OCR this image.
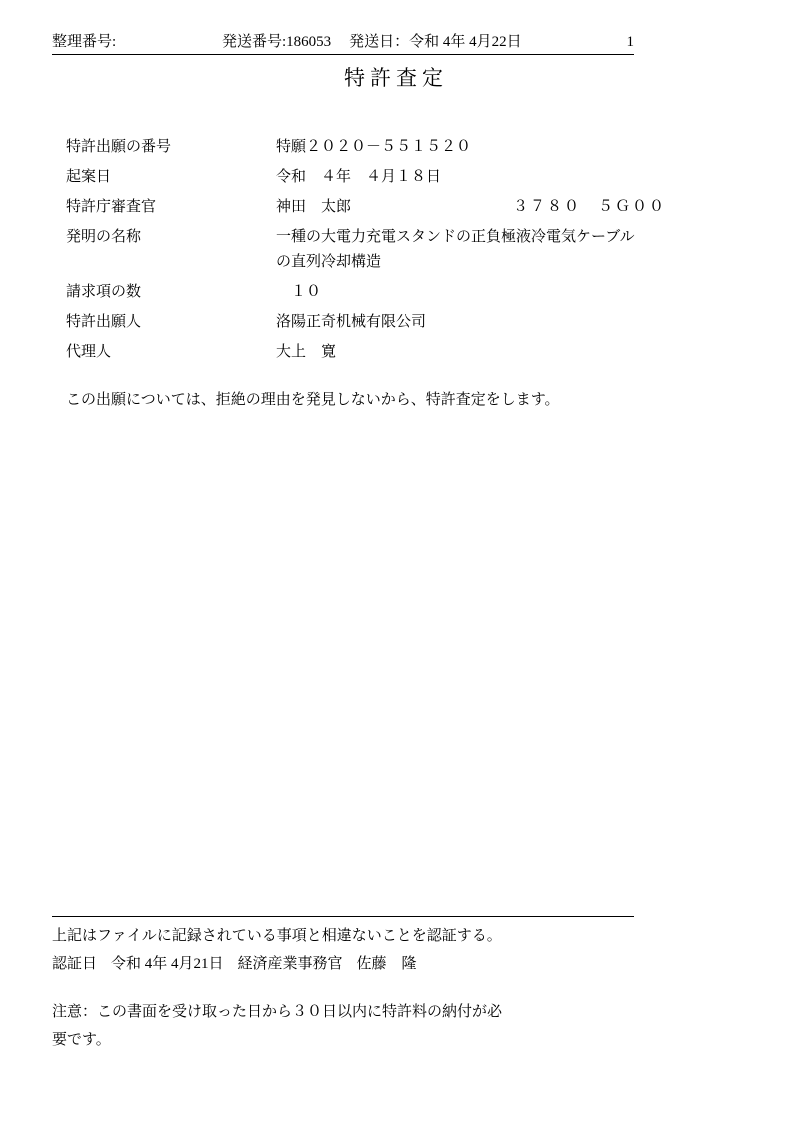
整理番号:	発送番号:186053 発送日：令和 4年 4月22日	1
特許査定
特許出願の番号	特願２０２０－５５１５２０
起案日	令和　４年　４月１８日
特許庁審査官	神田　太郎	３７８０　５Ｇ００
発明の名称	一種の大電力充電スタンドの正負極液冷電気ケーブルの直列冷却構造
請求項の数	　１０
特許出願人	洛陽正奇机械有限公司
代理人	大上　寛
この出願については、拒絶の理由を発見しないから、特許査定をします。
上記はファイルに記録されている事項と相違ないことを認証する。
認証日 令和 4年 4月21日 経済産業事務官 佐藤　隆
注意：この書面を受け取った日から３０日以内に特許料の納付が必
要です。
